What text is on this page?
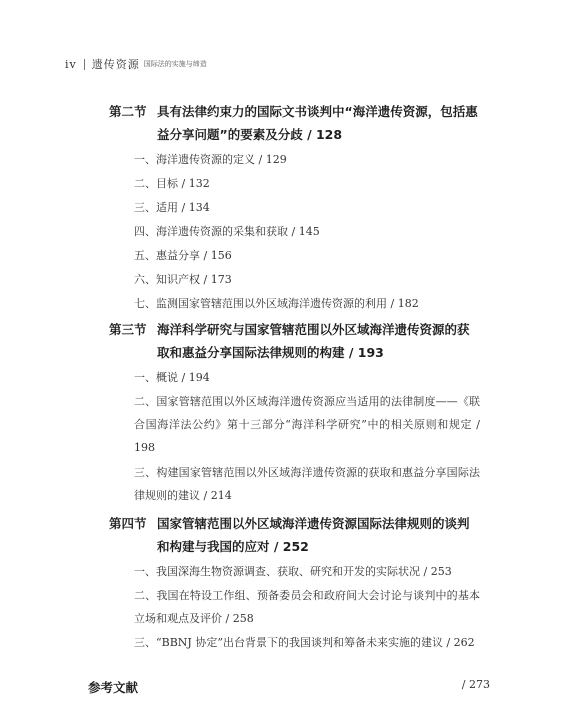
iv 遗传资源 国际法的实施与缔造
第二节 具有法律约束力的国际文书谈判中“海洋遗传资源，包括惠益分享问题”的要素及分歧 / 128
一、海洋遗传资源的定义 / 129
二、目标 / 132
三、适用 / 134
四、海洋遗传资源的采集和获取 / 145
五、惠益分享 / 156
六、知识产权 / 173
七、监测国家管辖范围以外区域海洋遗传资源的利用 / 182
第三节 海洋科学研究与国家管辖范围以外区域海洋遗传资源的获取和惠益分享国际法律规则的构建 / 193
一、概说 / 194
二、国家管辖范围以外区域海洋遗传资源应当适用的法律制度——《联合国海洋法公约》第十三部分“海洋科学研究”中的相关原则和规定 / 198
三、构建国家管辖范围以外区域海洋遗传资源的获取和惠益分享国际法律规则的建议 / 214
第四节 国家管辖范围以外区域海洋遗传资源国际法律规则的谈判和构建与我国的应对 / 252
一、我国深海生物资源调查、获取、研究和开发的实际状况 / 253
二、我国在特设工作组、预备委员会和政府间大会讨论与谈判中的基本立场和观点及评价 / 258
三、“BBNJ 协定”出台背景下的我国谈判和筹备未来实施的建议 / 262
参考文献	/ 273
